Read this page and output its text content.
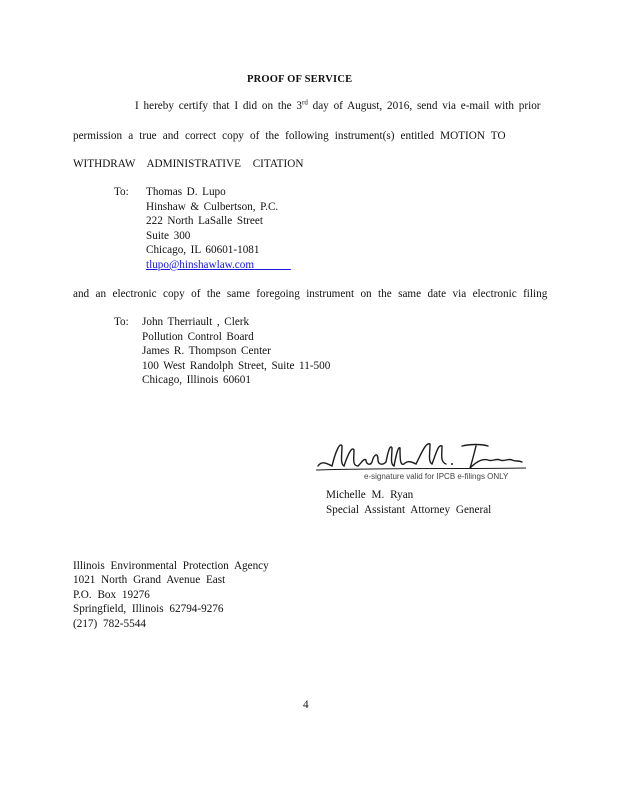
PROOF OF SERVICE
I hereby certify that I did on the 3rd day of August, 2016, send via e-mail with prior
permission a true and correct copy of the following instrument(s) entitled MOTION TO
WITHDRAW ADMINISTRATIVE CITATION
To: Thomas D. Lupo
Hinshaw & Culbertson, P.C.
222 North LaSalle Street
Suite 300
Chicago, IL 60601-1081
tlupo@hinshawlaw.com
and an electronic copy of the same foregoing instrument on the same date via electronic filing
To: John Therriault , Clerk
Pollution Control Board
James R. Thompson Center
100 West Randolph Street, Suite 11-500
Chicago, Illinois 60601
e-signature valid for IPCB e-filings ONLY
Michelle M. Ryan
Special Assistant Attorney General
Illinois Environmental Protection Agency
1021 North Grand Avenue East
P.O. Box 19276
Springfield, Illinois 62794-9276
(217) 782-5544
4
